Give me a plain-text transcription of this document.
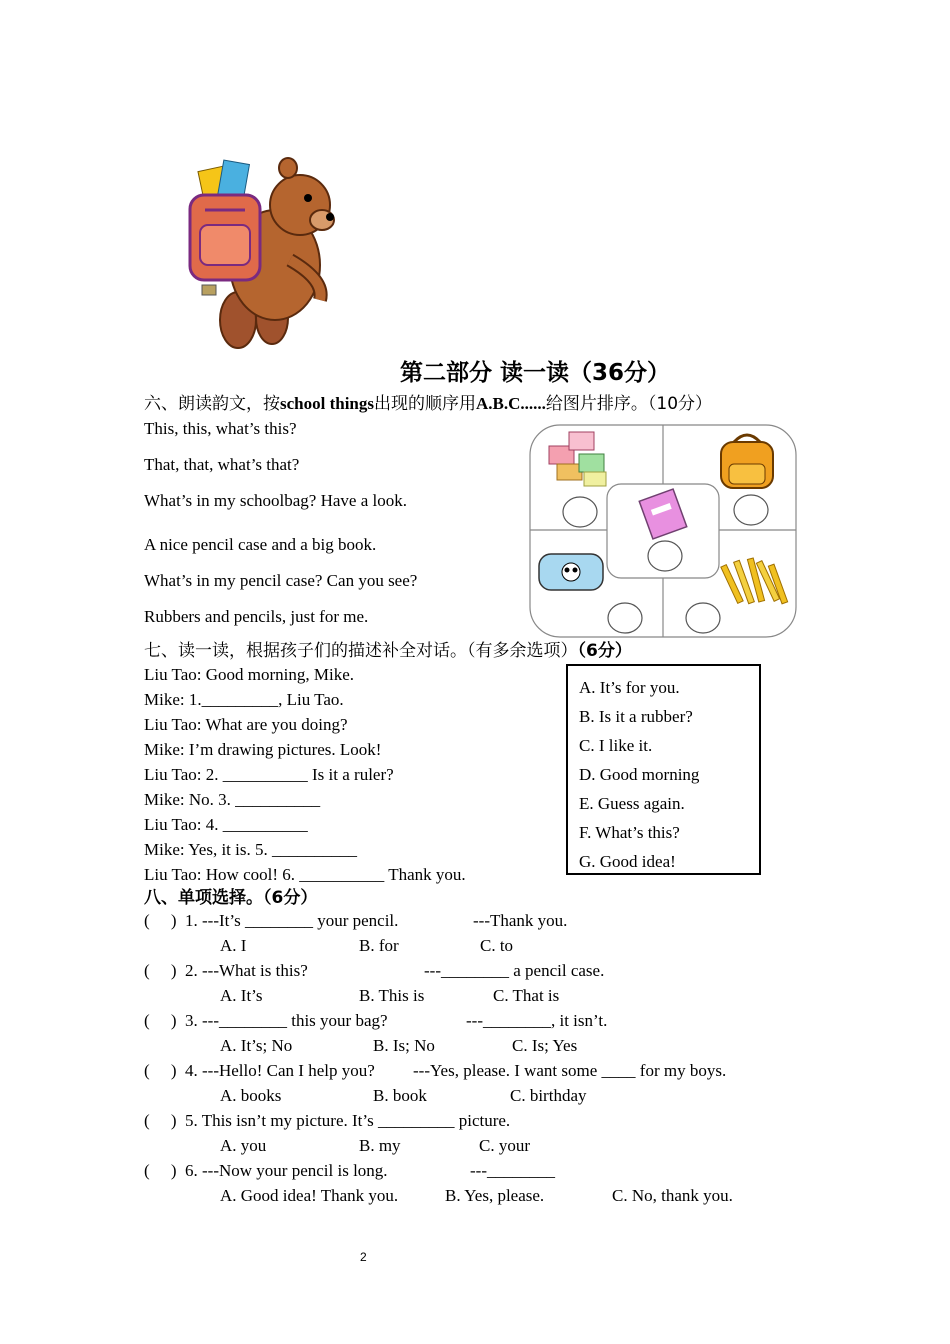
第二部分 读一读（36分）
六、朗读韵文，按school things出现的顺序用A.B.C......给图片排序。（10分）
This, this, what’s this?
That, that, what’s that?
What’s in my schoolbag? Have a look.
A nice pencil case and a big book.
What’s in my pencil case? Can you see?
Rubbers and pencils, just for me.
七、读一读，根据孩子们的描述补全对话。（有多余选项）（6分）
Liu Tao: Good morning, Mike.
Mike: 1._________, Liu Tao.
Liu Tao: What are you doing?
Mike: I’m drawing pictures. Look!
Liu Tao: 2. __________ Is it a ruler?
Mike: No. 3. __________
Liu Tao: 4. __________
Mike: Yes, it is. 5. __________
Liu Tao: How cool! 6. __________ Thank you.
A. It’s for you.
B. Is it a rubber?
C. I like it.
D. Good morning
E. Guess again.
F. What’s this?
G. Good idea!
八、单项选择。（6分）
(     ) 1. ---It’s ________ your pencil.	---Thank you.
A. I	B. for	C. to
(     ) 2. ---What is this?	---________ a pencil case.
A. It’s	B. This is	C. That is
(     ) 3. ---________ this your bag?	---________, it isn’t.
A. It’s; No	B. Is; No	C. Is; Yes
(     ) 4. ---Hello! Can I help you? ---Yes, please. I want some ____ for my boys.
A. books	B. book	C. birthday
(     ) 5. This isn’t my picture. It’s _________ picture.
A. you	B. my	C. your
(     ) 6. ---Now your pencil is long.	---________
A. Good idea! Thank you.	B. Yes, please.	C. No, thank you.
2
